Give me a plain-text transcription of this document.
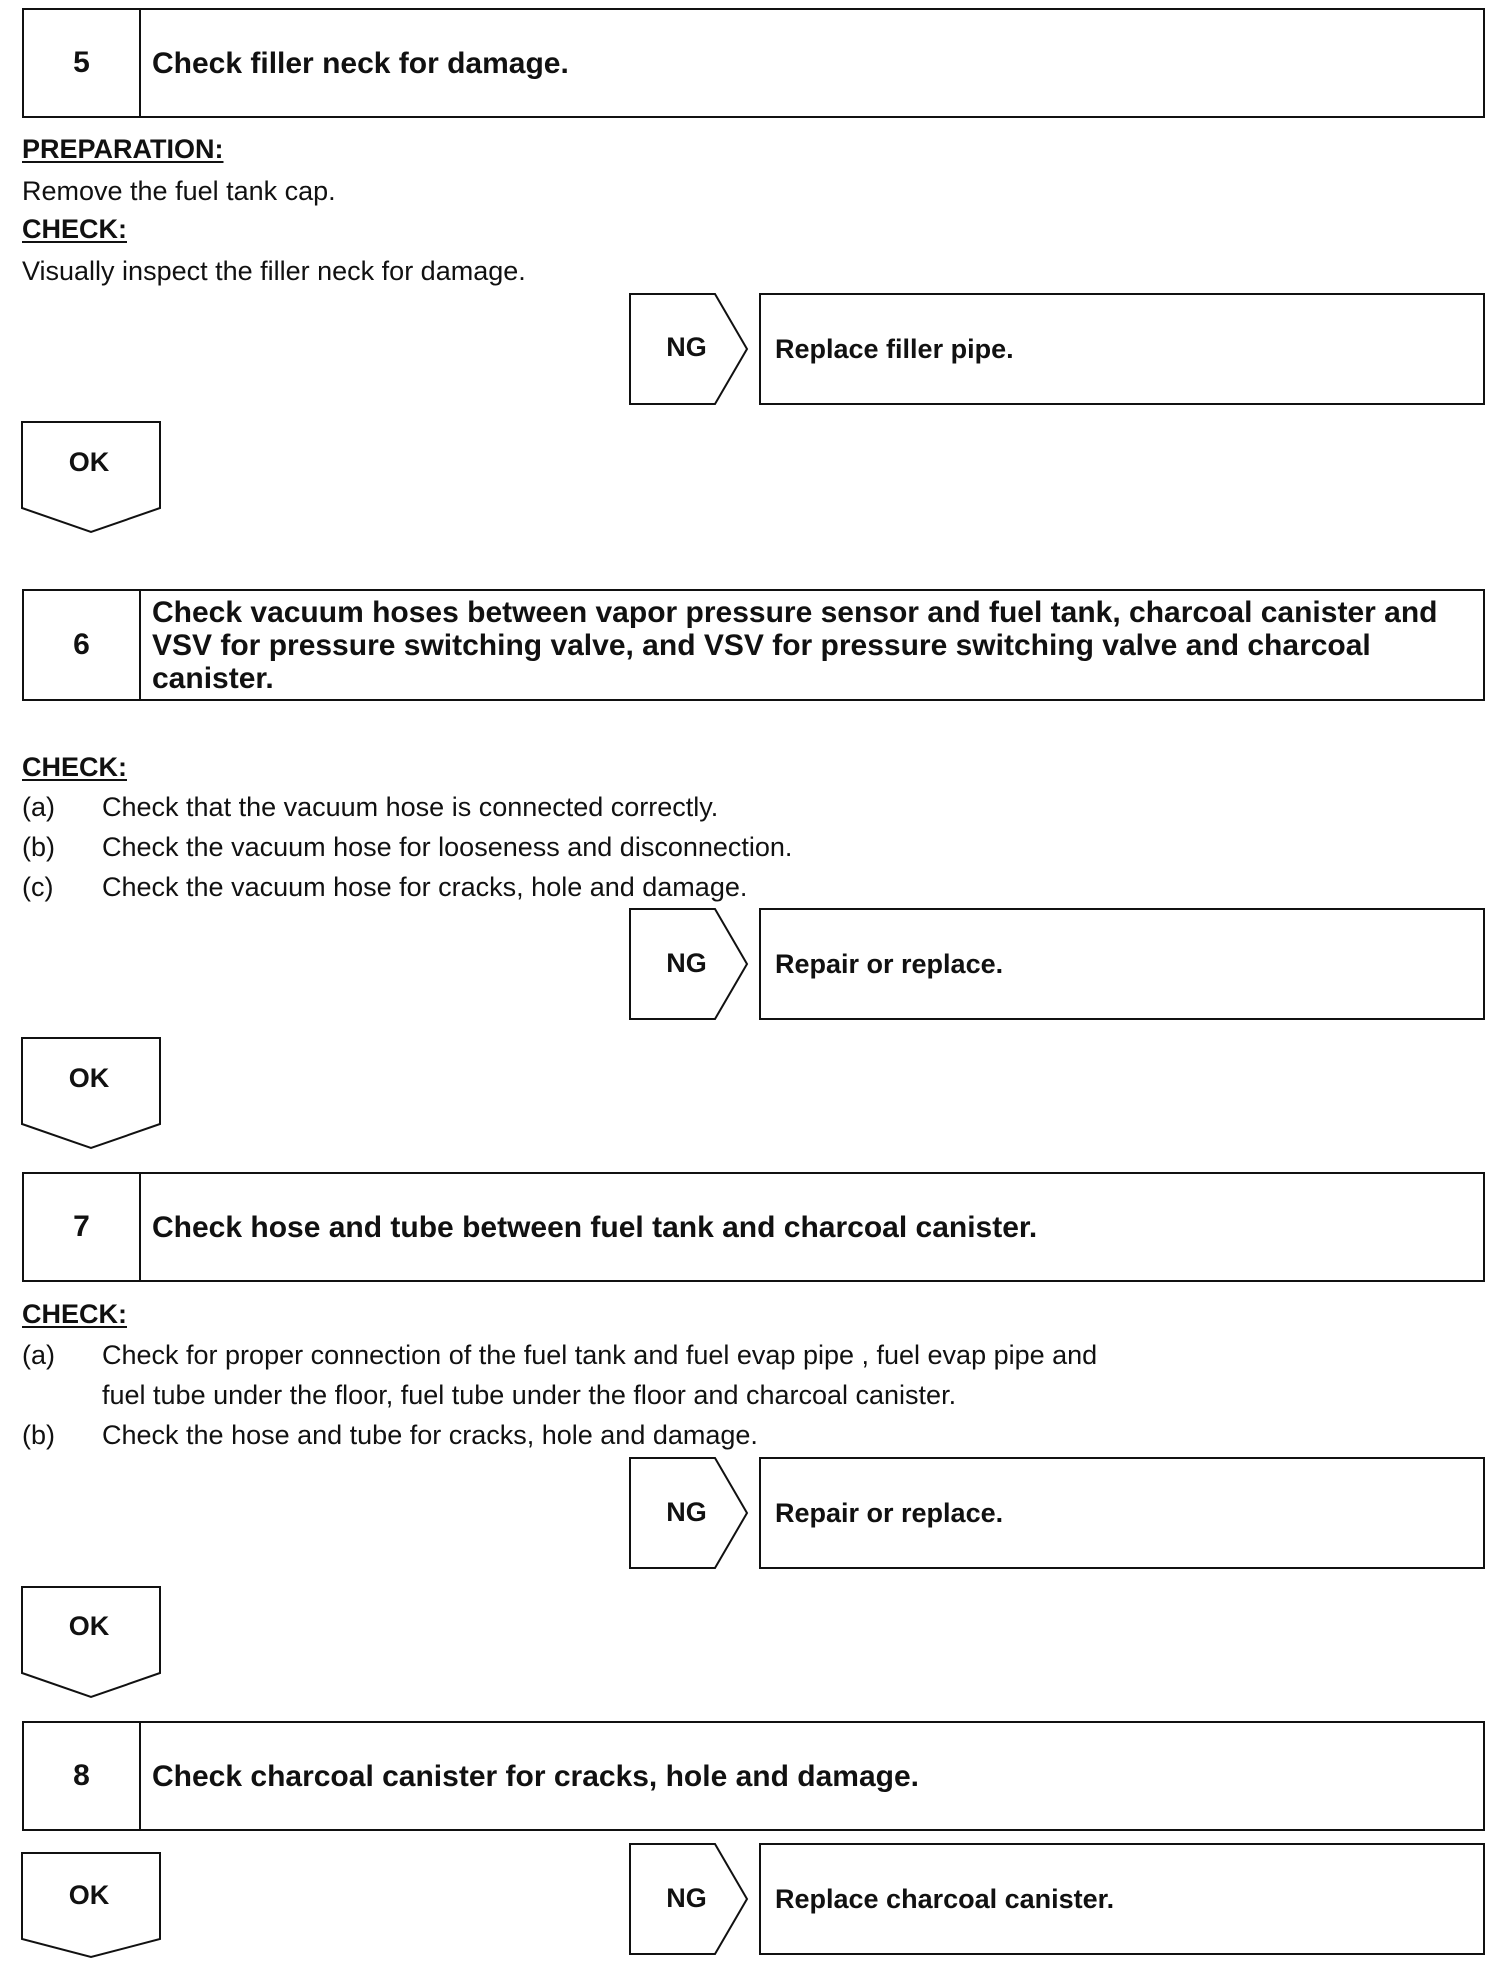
5	Check filler neck for damage.
PREPARATION:
Remove the fuel tank cap.
CHECK:
Visually inspect the filler neck for damage.
NG	Replace filler pipe.
OK
6
Check vacuum hoses between vapor pressure sensor and fuel tank, charcoal canister and VSV for pressure switching valve, and VSV for pressure switching valve and charcoal canister.
CHECK:
(a) Check that the vacuum hose is connected correctly.
(b) Check the vacuum hose for looseness and disconnection.
(c) Check the vacuum hose for cracks, hole and damage.
NG	Repair or replace.
OK
7	Check hose and tube between fuel tank and charcoal canister.
CHECK:
(a) Check for proper connection of the fuel tank and fuel evap pipe , fuel evap pipe and
fuel tube under the floor, fuel tube under the floor and charcoal canister.
(b) Check the hose and tube for cracks, hole and damage.
NG	Repair or replace.
OK
8	Check charcoal canister for cracks, hole and damage.
NG	Replace charcoal canister.
OK
